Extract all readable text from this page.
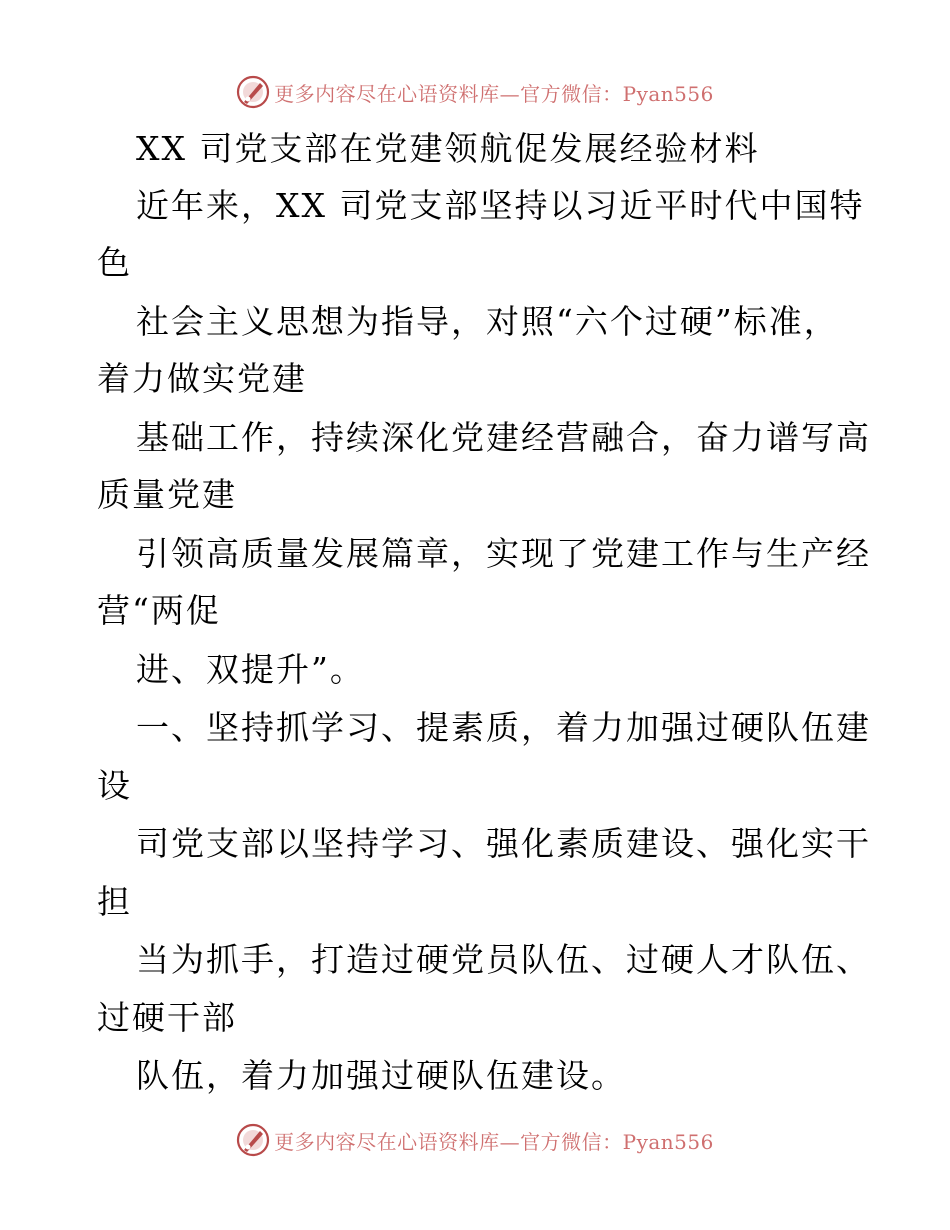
更多内容尽在心语资料库—官方微信：Pyan556
XX 司党支部在党建领航促发展经验材料
近年来，XX 司党支部坚持以习近平时代中国特
色
社会主义思想为指导，对照“六个过硬”标准，
着力做实党建
基础工作，持续深化党建经营融合，奋力谱写高
质量党建
引领高质量发展篇章，实现了党建工作与生产经
营“两促
进、双提升”。
一、坚持抓学习、提素质，着力加强过硬队伍建
设
司党支部以坚持学习、强化素质建设、强化实干
担
当为抓手，打造过硬党员队伍、过硬人才队伍、
过硬干部
队伍，着力加强过硬队伍建设。
更多内容尽在心语资料库—官方微信：Pyan556
